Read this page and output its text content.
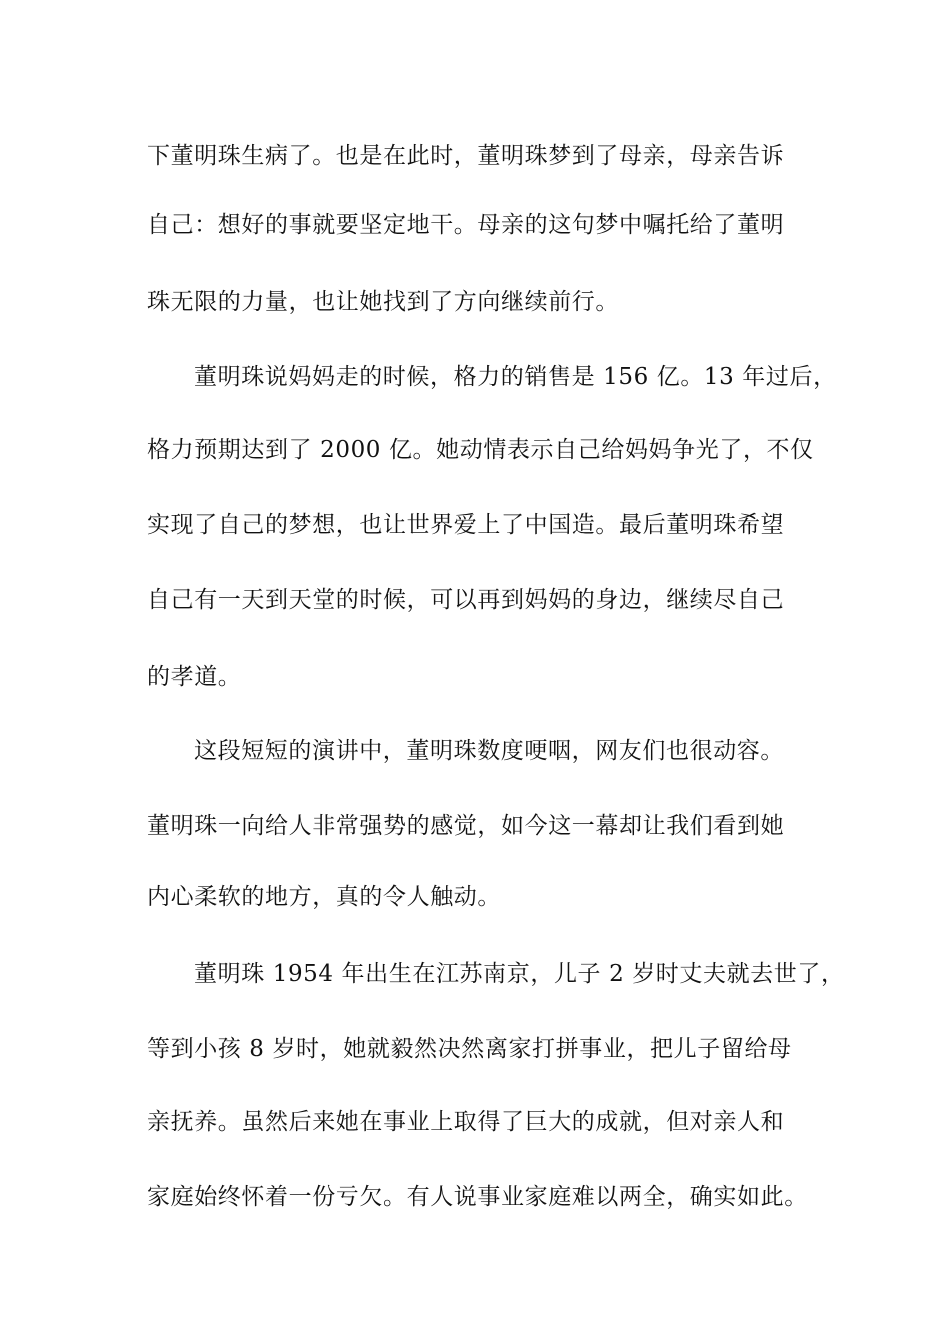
下董明珠生病了。也是在此时，董明珠梦到了母亲，母亲告诉
自己：想好的事就要坚定地干。母亲的这句梦中嘱托给了董明
珠无限的力量，也让她找到了方向继续前行。
董明珠说妈妈走的时候，格力的销售是 156 亿。13 年过后，
格力预期达到了 2000 亿。她动情表示自己给妈妈争光了，不仅
实现了自己的梦想，也让世界爱上了中国造。最后董明珠希望
自己有一天到天堂的时候，可以再到妈妈的身边，继续尽自己
的孝道。
这段短短的演讲中，董明珠数度哽咽，网友们也很动容。
董明珠一向给人非常强势的感觉，如今这一幕却让我们看到她
内心柔软的地方，真的令人触动。
董明珠 1954 年出生在江苏南京，儿子 2 岁时丈夫就去世了，
等到小孩 8 岁时，她就毅然决然离家打拼事业，把儿子留给母
亲抚养。虽然后来她在事业上取得了巨大的成就，但对亲人和
家庭始终怀着一份亏欠。有人说事业家庭难以两全，确实如此。
